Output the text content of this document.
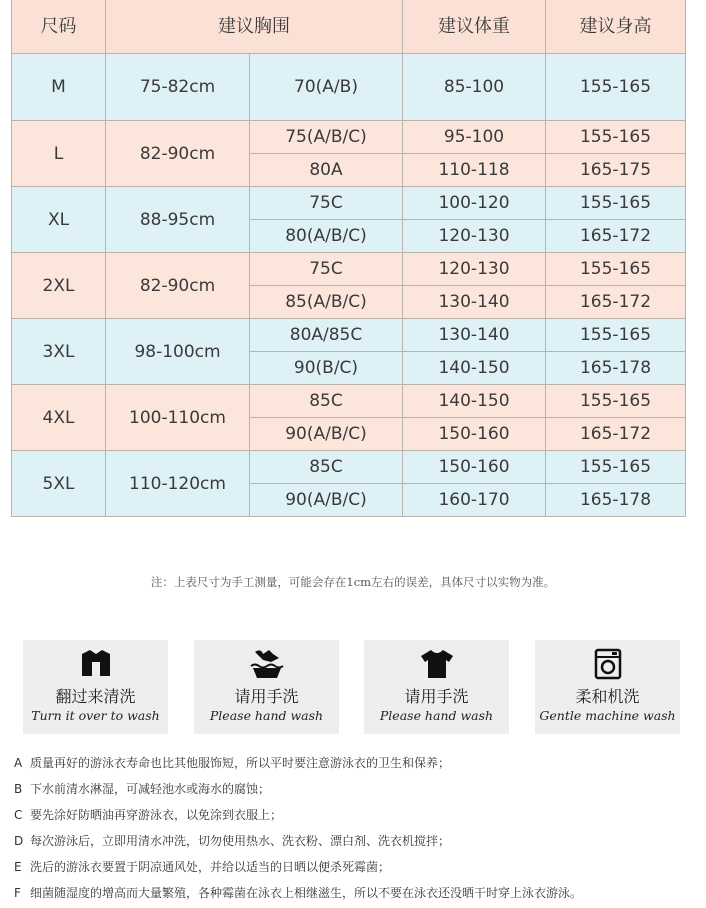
尺码	建议胸围		建议体重	建议身高
M	75-82cm	70(A/B)	85-100	155-165
L	82-90cm	75(A/B/C)	95-100	155-165
		80A	110-118	165-175
XL	88-95cm	75C	100-120	155-165
		80(A/B/C)	120-130	165-172
2XL	82-90cm	75C	120-130	155-165
		85(A/B/C)	130-140	165-172
3XL	98-100cm	80A/85C	130-140	155-165
		90(B/C)	140-150	165-178
4XL	100-110cm	85C	140-150	155-165
		90(A/B/C)	150-160	165-172
5XL	110-120cm	85C	150-160	155-165
		90(A/B/C)	160-170	165-178
注：上表尺寸为手工测量，可能会存在1cm左右的误差，具体尺寸以实物为准。
翻过来清洗
Turn it over to wash
请用手洗
Please hand wash
请用手洗
Please hand wash
柔和机洗
Gentle machine wash
A 质量再好的游泳衣寿命也比其他服饰短，所以平时要注意游泳衣的卫生和保养；
B 下水前清水淋湿，可减轻池水或海水的腐蚀；
C 要先涂好防晒油再穿游泳衣，以免涂到衣服上；
D 每次游泳后，立即用清水冲洗，切勿使用热水、洗衣粉、漂白剂、洗衣机搅拌；
E 洗后的游泳衣要置于阴凉通风处，并给以适当的日晒以便杀死霉菌；
F 细菌随湿度的增高而大量繁殖，各种霉菌在泳衣上相继滋生，所以不要在泳衣还没晒干时穿上泳衣游泳。
